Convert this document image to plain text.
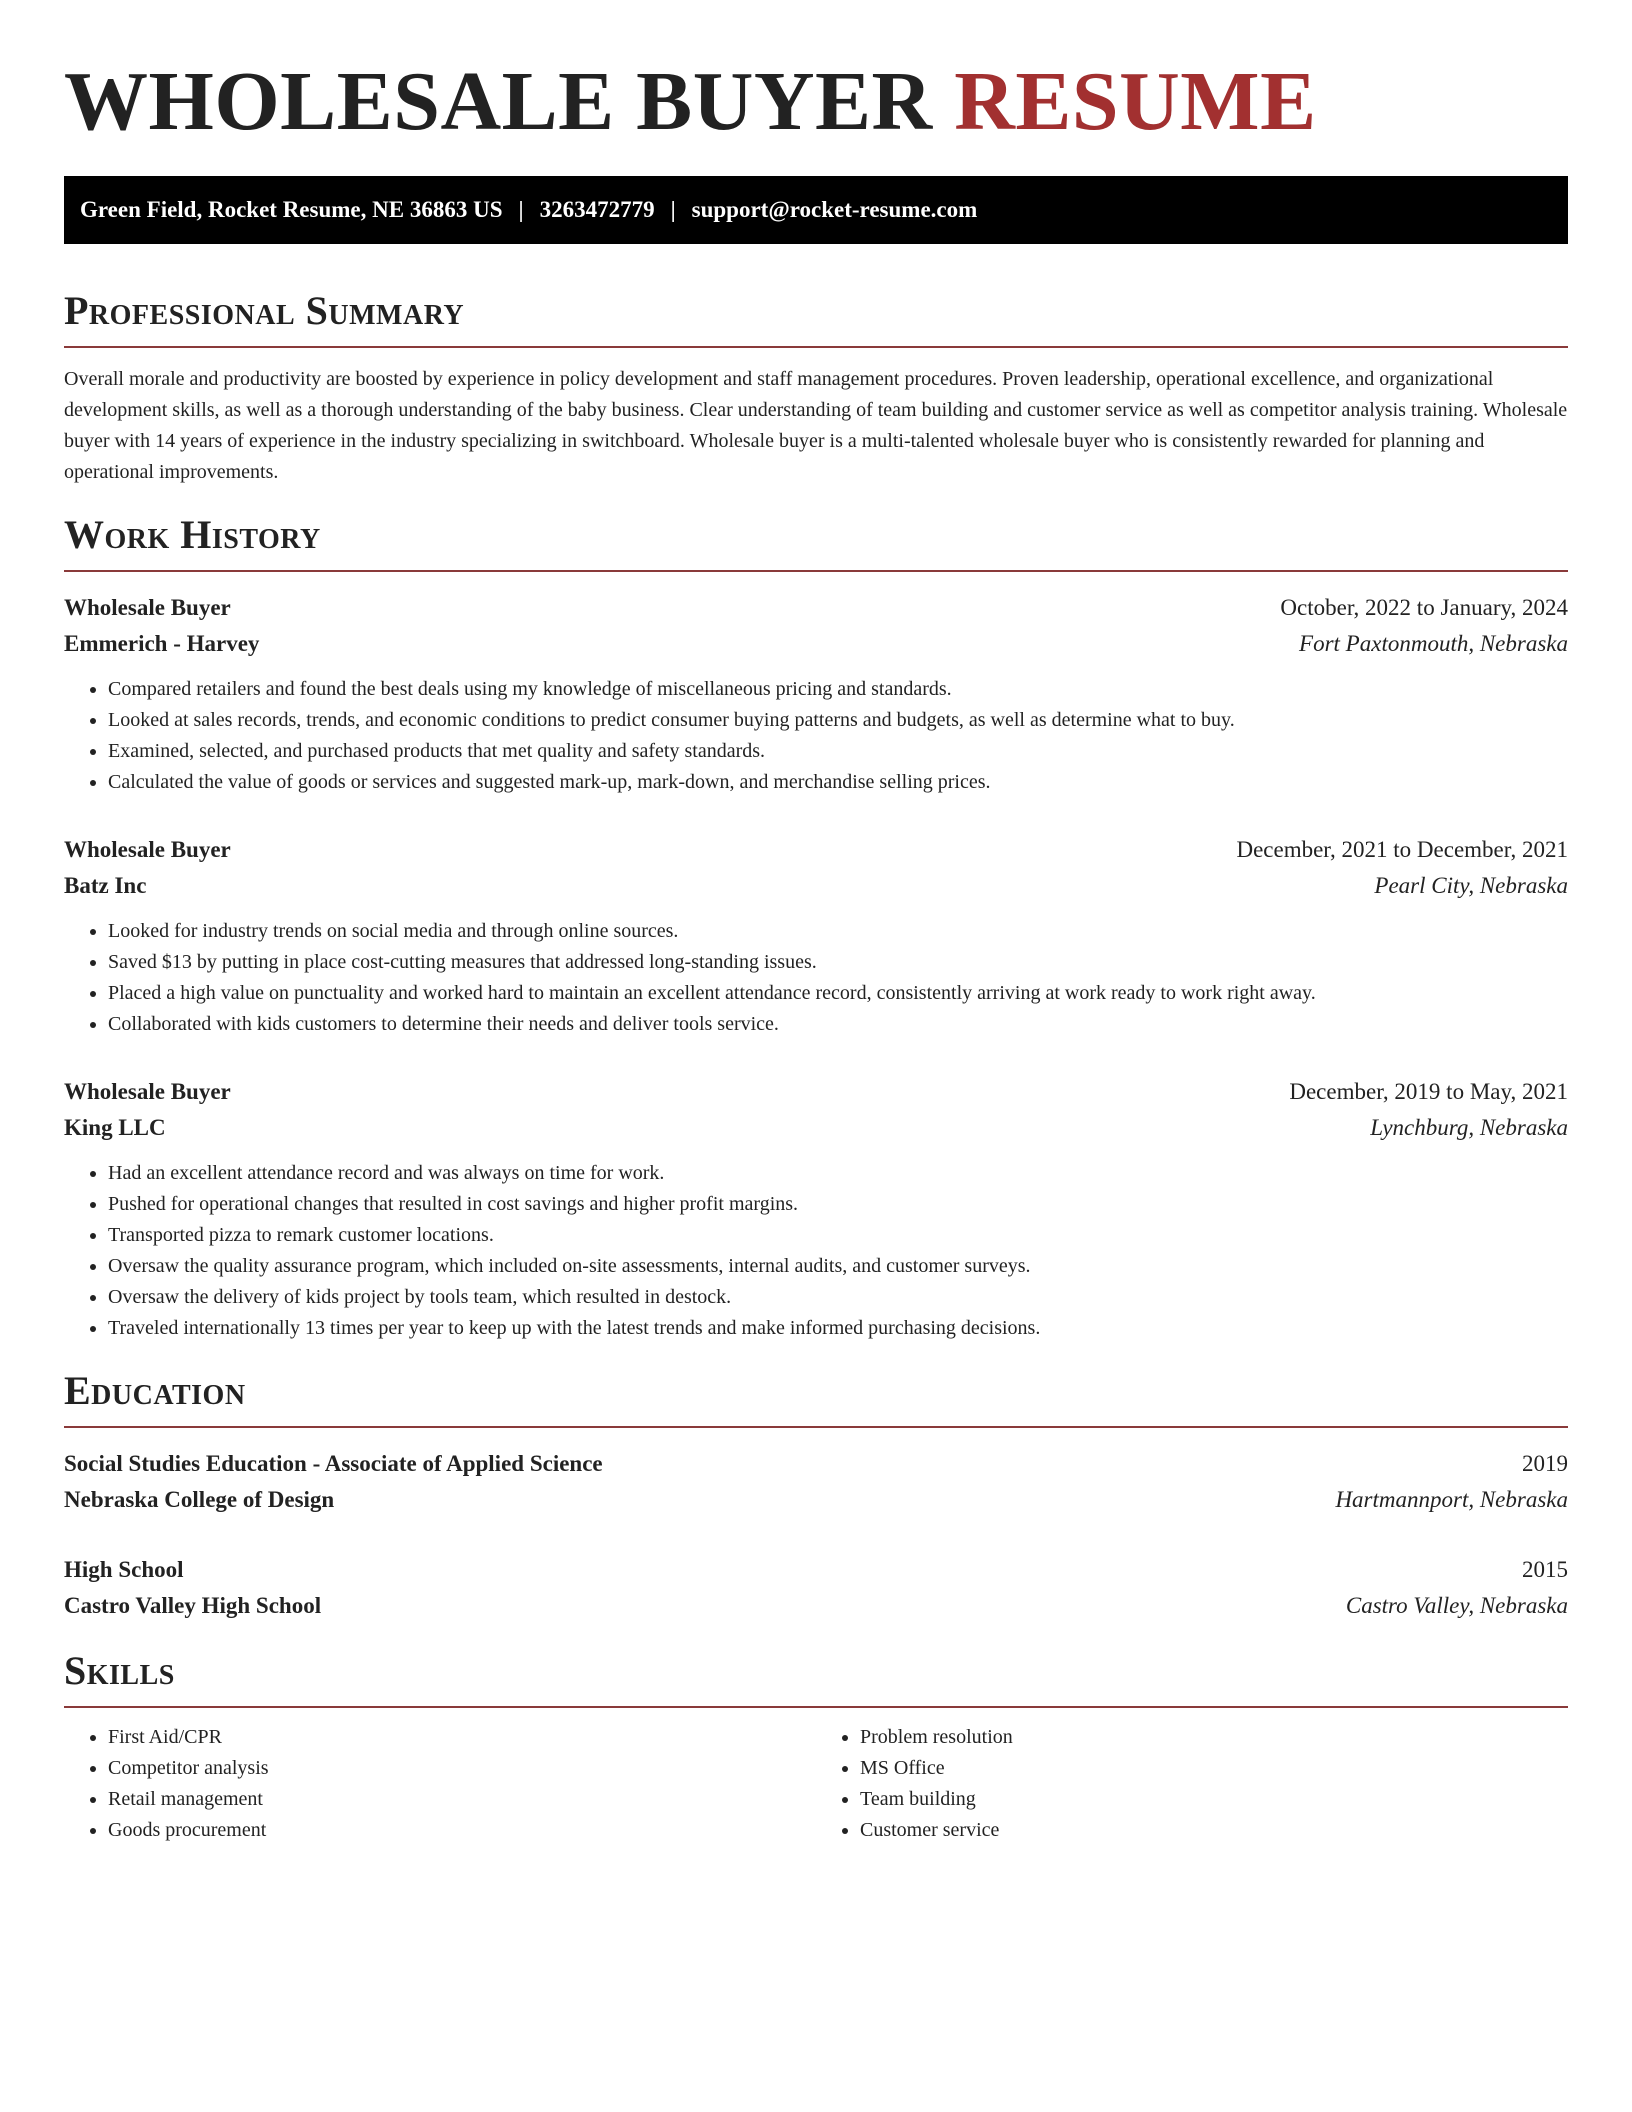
WHOLESALE BUYER RESUME
Green Field, Rocket Resume, NE 36863 US | 3263472779 | support@rocket-resume.com
Professional Summary

Overall morale and productivity are boosted by experience in policy development and staff management procedures. Proven leadership, operational excellence, and organizational development skills, as well as a thorough understanding of the baby business. Clear understanding of team building and customer service as well as competitor analysis training. Wholesale buyer with 14 years of experience in the industry specializing in switchboard. Wholesale buyer is a multi-talented wholesale buyer who is consistently rewarded for planning and operational improvements.

Work History
Wholesale Buyer	October, 2022 to January, 2024
Emmerich - Harvey	Fort Paxtonmouth, Nebraska
• Compared retailers and found the best deals using my knowledge of miscellaneous pricing and standards.
• Looked at sales records, trends, and economic conditions to predict consumer buying patterns and budgets, as well as determine what to buy.
• Examined, selected, and purchased products that met quality and safety standards.
• Calculated the value of goods or services and suggested mark-up, mark-down, and merchandise selling prices.
Wholesale Buyer	December, 2021 to December, 2021
Batz Inc	Pearl City, Nebraska
• Looked for industry trends on social media and through online sources.
• Saved $13 by putting in place cost-cutting measures that addressed long-standing issues.
• Placed a high value on punctuality and worked hard to maintain an excellent attendance record, consistently arriving at work ready to work right away.
• Collaborated with kids customers to determine their needs and deliver tools service.
Wholesale Buyer	December, 2019 to May, 2021
King LLC	Lynchburg, Nebraska
• Had an excellent attendance record and was always on time for work.
• Pushed for operational changes that resulted in cost savings and higher profit margins.
• Transported pizza to remark customer locations.
• Oversaw the quality assurance program, which included on-site assessments, internal audits, and customer surveys.
• Oversaw the delivery of kids project by tools team, which resulted in destock.
• Traveled internationally 13 times per year to keep up with the latest trends and make informed purchasing decisions.
Education
Social Studies Education - Associate of Applied Science	2019
Nebraska College of Design	Hartmannport, Nebraska
High School	2015
Castro Valley High School	Castro Valley, Nebraska
Skills
• First Aid/CPR
• Competitor analysis
• Retail management
• Goods procurement
• Problem resolution
• MS Office
• Team building
• Customer service
